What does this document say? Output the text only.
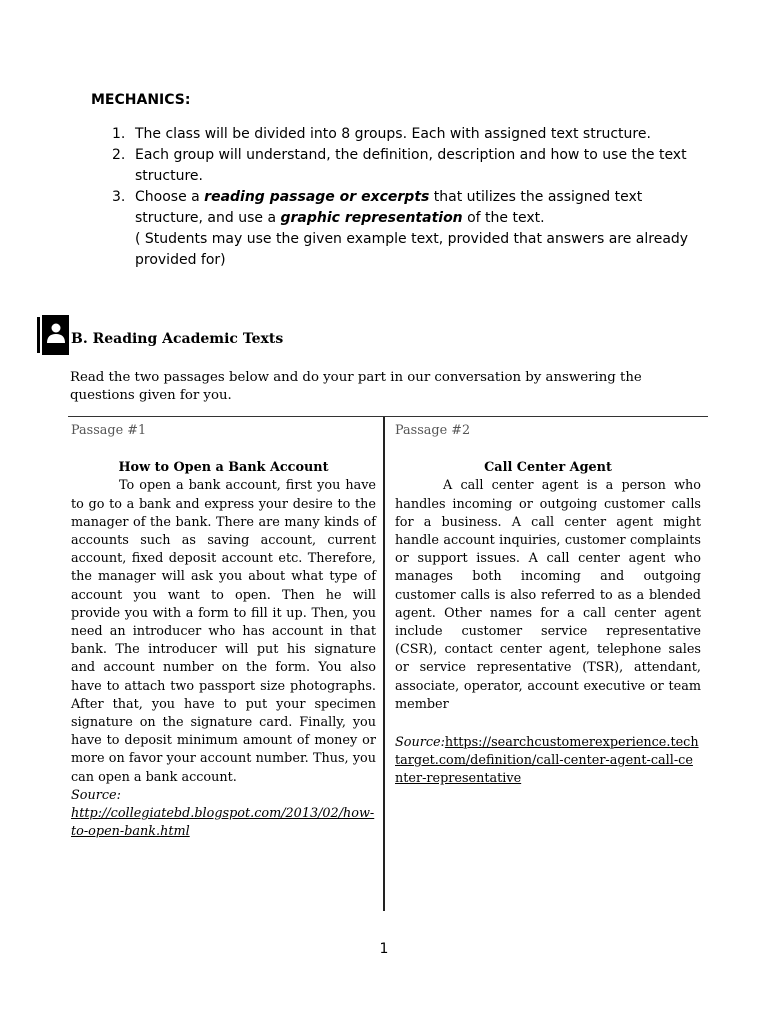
MECHANICS:
1. The class will be divided into 8 groups. Each with assigned text structure.
2. Each group will understand, the definition, description and how to use the text structure.
3. Choose a reading passage or excerpts that utilizes the assigned text structure, and use a graphic representation of the text.
( Students may use the given example text, provided that answers are already provided for)
B. Reading Academic Texts
Read the two passages below and do your part in our conversation by answering the questions given for you.
Passage #1
How to Open a Bank Account

To open a bank account, first you have to go to a bank and express your desire to the manager of the bank. There are many kinds of accounts such as saving account, current account, fixed deposit account etc. Therefore, the manager will ask you about what type of account you want to open. Then he will provide you with a form to fill it up. Then, you need an introducer who has account in that bank. The introducer will put his signature and account number on the form. You also have to attach two passport size photographs. After that, you have to put your specimen signature on the signature card. Finally, you have to deposit minimum amount of money or more on favor your account number. Thus, you can open a bank account.

Source:
http://collegiatebd.blogspot.com/2013/02/how-to-open-bank.html
Passage #2
Call Center Agent

A call center agent is a person who handles incoming or outgoing customer calls for a business. A call center agent might handle account inquiries, customer complaints or support issues. A call center agent who manages both incoming and outgoing customer calls is also referred to as a blended agent. Other names for a call center agent include customer service representative (CSR), contact center agent, telephone sales or service representative (TSR), attendant, associate, operator, account executive or team member

Source:https://searchcustomerexperience.techtarget.com/definition/call-center-agent-call-center-representative
1
